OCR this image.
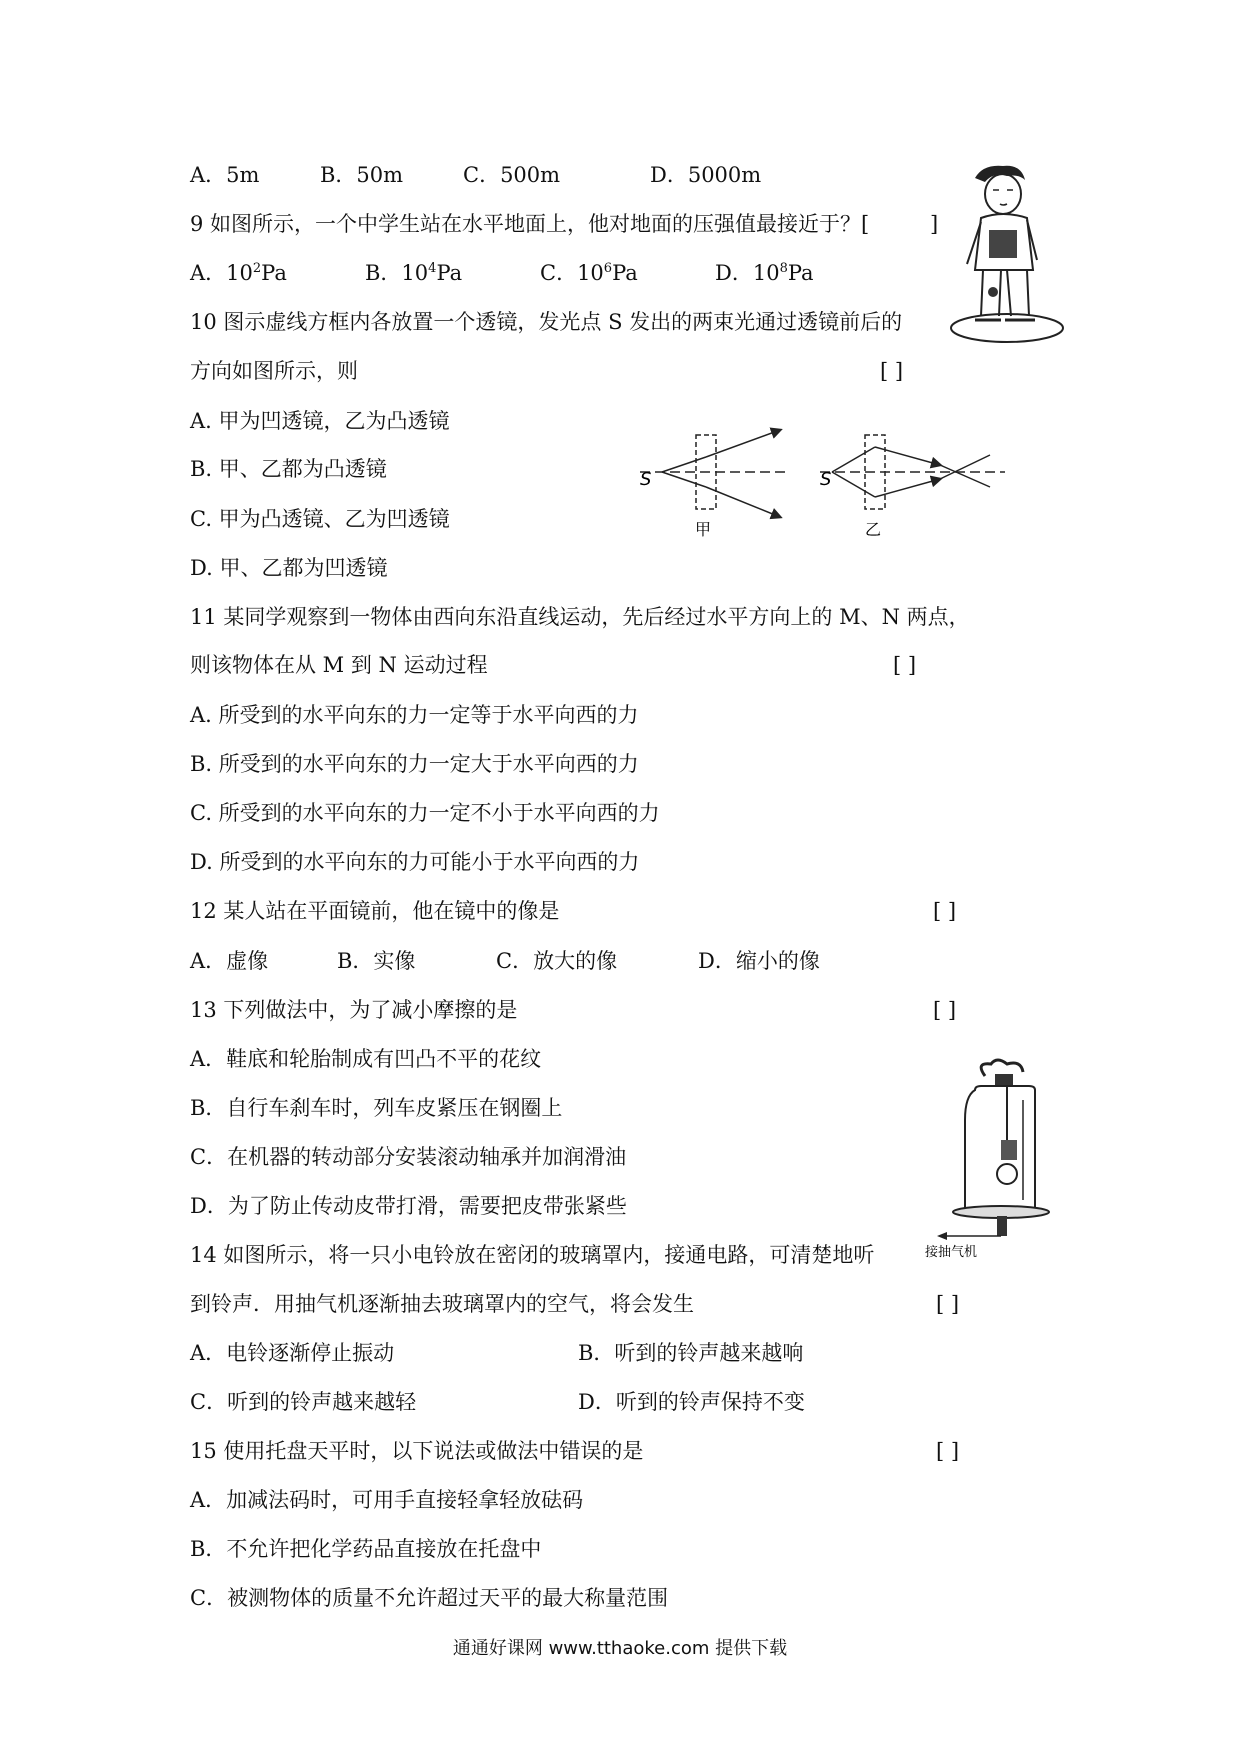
A．5m	B．50m	C．500m	D．5000m
9 如图所示，一个中学生站在水平地面上，他对地面的压强值最接近于？[	]
A．$10^2Pa$	B．$10^4Pa$	C．$10^6Pa$	D．$10^8Pa$
10 图示虚线方框内各放置一个透镜，发光点 S 发出的两束光通过透镜前后的
方向如图所示，则	[ ]
A. 甲为凹透镜，乙为凸透镜
B. 甲、乙都为凸透镜
C. 甲为凸透镜、乙为凹透镜
D. 甲、乙都为凹透镜
S
甲
S
乙
11 某同学观察到一物体由西向东沿直线运动，先后经过水平方向上的 M、N 两点，
则该物体在从 M 到 N 运动过程	[ ]
A. 所受到的水平向东的力一定等于水平向西的力
B. 所受到的水平向东的力一定大于水平向西的力
C. 所受到的水平向东的力一定不小于水平向西的力
D. 所受到的水平向东的力可能小于水平向西的力
12 某人站在平面镜前，他在镜中的像是	[ ]
A．虚像	B．实像	C．放大的像	D．缩小的像
13 下列做法中，为了减小摩擦的是	[ ]
A．鞋底和轮胎制成有凹凸不平的花纹
B．自行车刹车时，列车皮紧压在钢圈上
C．在机器的转动部分安装滚动轴承并加润滑油
D．为了防止传动皮带打滑，需要把皮带张紧些
接抽气机
14 如图所示，将一只小电铃放在密闭的玻璃罩内，接通电路，可清楚地听
到铃声．用抽气机逐渐抽去玻璃罩内的空气，将会发生	[ ]
A．电铃逐渐停止振动	B．听到的铃声越来越响
C．听到的铃声越来越轻	D．听到的铃声保持不变
15 使用托盘天平时，以下说法或做法中错误的是	[ ]
A．加减法码时，可用手直接轻拿轻放砝码
B．不允许把化学药品直接放在托盘中
C．被测物体的质量不允许超过天平的最大称量范围
通通好课网 www.tthaoke.com 提供下载
